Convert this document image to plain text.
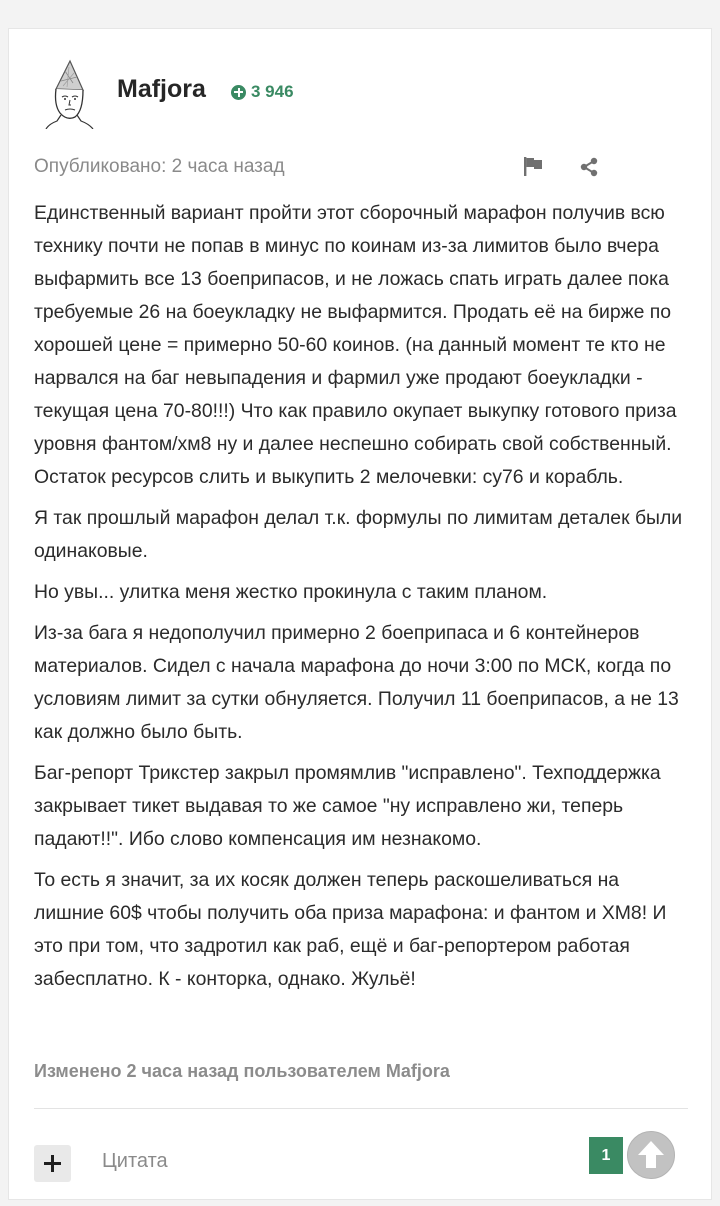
Mafjora	3 946
Опубликовано: 2 часа назад

Единственный вариант пройти этот сборочный марафон получив всю технику почти не попав в минус по коинам из-за лимитов было вчера выфармить все 13 боеприпасов, и не ложась спать играть далее пока требуемые 26 на боеукладку не выфармится. Продать её на бирже по хорошей цене = примерно 50-60 коинов. (на данный момент те кто не нарвался на баг невыпадения и фармил уже продают боеукладки - текущая цена 70-80!!!) Что как правило окупает выкупку готового приза уровня фантом/хм8 ну и далее неспешно собирать свой собственный. Остаток ресурсов слить и выкупить 2 мелочевки: су76 и корабль.

Я так прошлый марафон делал т.к. формулы по лимитам деталек были одинаковые.

Но увы... улитка меня жестко прокинула с таким планом.

Из-за бага я недополучил примерно 2 боеприпаса и 6 контейнеров материалов. Сидел с начала марафона до ночи 3:00 по МСК, когда по условиям лимит за сутки обнуляется. Получил 11 боеприпасов, а не 13 как должно было быть.

Баг-репорт Трикстер закрыл промямлив "исправлено". Техподдержка закрывает тикет выдавая то же самое "ну исправлено жи, теперь падают!!". Ибо слово компенсация им незнакомо.

То есть я значит, за их косяк должен теперь раскошеливаться на лишние 60$ чтобы получить оба приза марафона: и фантом и ХМ8! И это при том, что задротил как раб, ещё и баг-репортером работая забесплатно. К - конторка, однако. Жульё!

Изменено 2 часа назад пользователем Mafjora
Цитата	1
